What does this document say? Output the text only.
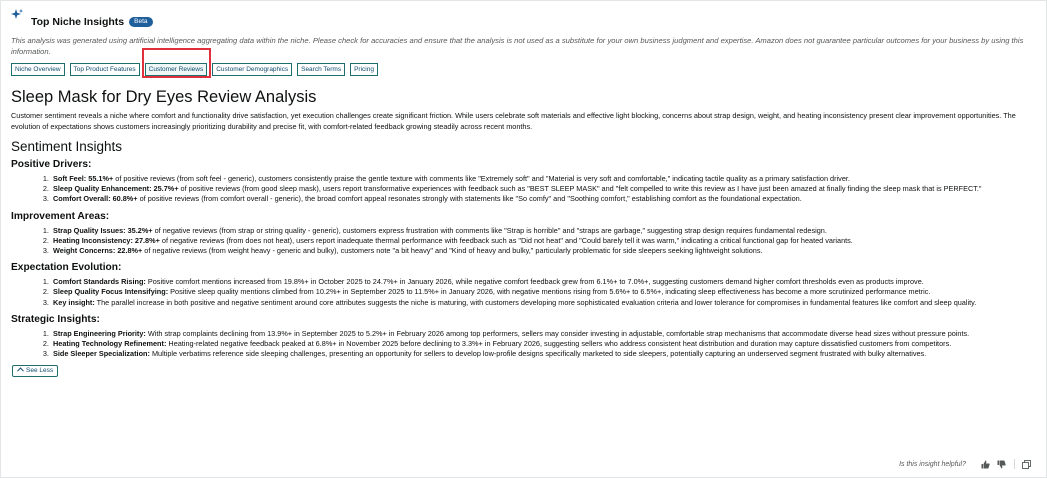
Top Niche Insights	Beta
This analysis was generated using artificial intelligence aggregating data within the niche. Please check for accuracies and ensure that the analysis is not used as a substitute for your own business judgment and expertise. Amazon does not guarantee particular outcomes for your business by using this information.
Niche Overview	Top Product Features	Customer Reviews	Customer Demographics	Search Terms	Pricing
Sleep Mask for Dry Eyes Review Analysis

Customer sentiment reveals a niche where comfort and functionality drive satisfaction, yet execution challenges create significant friction. While users celebrate soft materials and effective light blocking, concerns about strap design, weight, and heating inconsistency present clear improvement opportunities. The evolution of expectations shows customers increasingly prioritizing durability and precise fit, with comfort-related feedback growing steadily across recent months.

Sentiment Insights
Positive Drivers:
1. Soft Feel: 55.1%+ of positive reviews (from soft feel - generic), customers consistently praise the gentle texture with comments like "Extremely soft" and "Material is very soft and comfortable," indicating tactile quality as a primary satisfaction driver.
2. Sleep Quality Enhancement: 25.7%+ of positive reviews (from good sleep mask), users report transformative experiences with feedback such as "BEST SLEEP MASK" and "felt compelled to write this review as I have just been amazed at finally finding the sleep mask that is PERFECT."
3. Comfort Overall: 60.8%+ of positive reviews (from comfort overall - generic), the broad comfort appeal resonates strongly with statements like "So comfy" and "Soothing comfort," establishing comfort as the foundational expectation.
Improvement Areas:
1. Strap Quality Issues: 35.2%+ of negative reviews (from strap or string quality - generic), customers express frustration with comments like "Strap is horrible" and "straps are garbage," suggesting strap design requires fundamental redesign.
2. Heating Inconsistency: 27.8%+ of negative reviews (from does not heat), users report inadequate thermal performance with feedback such as "Did not heat" and "Could barely tell it was warm," indicating a critical functional gap for heated variants.
3. Weight Concerns: 22.8%+ of negative reviews (from weight heavy - generic and bulky), customers note "a bit heavy" and "Kind of heavy and bulky," particularly problematic for side sleepers seeking lightweight solutions.
Expectation Evolution:
1. Comfort Standards Rising: Positive comfort mentions increased from 19.8%+ in October 2025 to 24.7%+ in January 2026, while negative comfort feedback grew from 6.1%+ to 7.0%+, suggesting customers demand higher comfort thresholds even as products improve.
2. Sleep Quality Focus Intensifying: Positive sleep quality mentions climbed from 10.2%+ in September 2025 to 11.5%+ in January 2026, with negative mentions rising from 5.6%+ to 6.5%+, indicating sleep effectiveness has become a more scrutinized performance metric.
3. Key insight: The parallel increase in both positive and negative sentiment around core attributes suggests the niche is maturing, with customers developing more sophisticated evaluation criteria and lower tolerance for compromises in fundamental features like comfort and sleep quality.
Strategic Insights:
1. Strap Engineering Priority: With strap complaints declining from 13.9%+ in September 2025 to 5.2%+ in February 2026 among top performers, sellers may consider investing in adjustable, comfortable strap mechanisms that accommodate diverse head sizes without pressure points.
2. Heating Technology Refinement: Heating-related negative feedback peaked at 6.8%+ in November 2025 before declining to 3.3%+ in February 2026, suggesting sellers who address consistent heat distribution and duration may capture dissatisfied customers from competitors.
3. Side Sleeper Specialization: Multiple verbatims reference side sleeping challenges, presenting an opportunity for sellers to develop low-profile designs specifically marketed to side sleepers, potentially capturing an underserved segment frustrated with bulky alternatives.
See Less
Is this insight helpful?
